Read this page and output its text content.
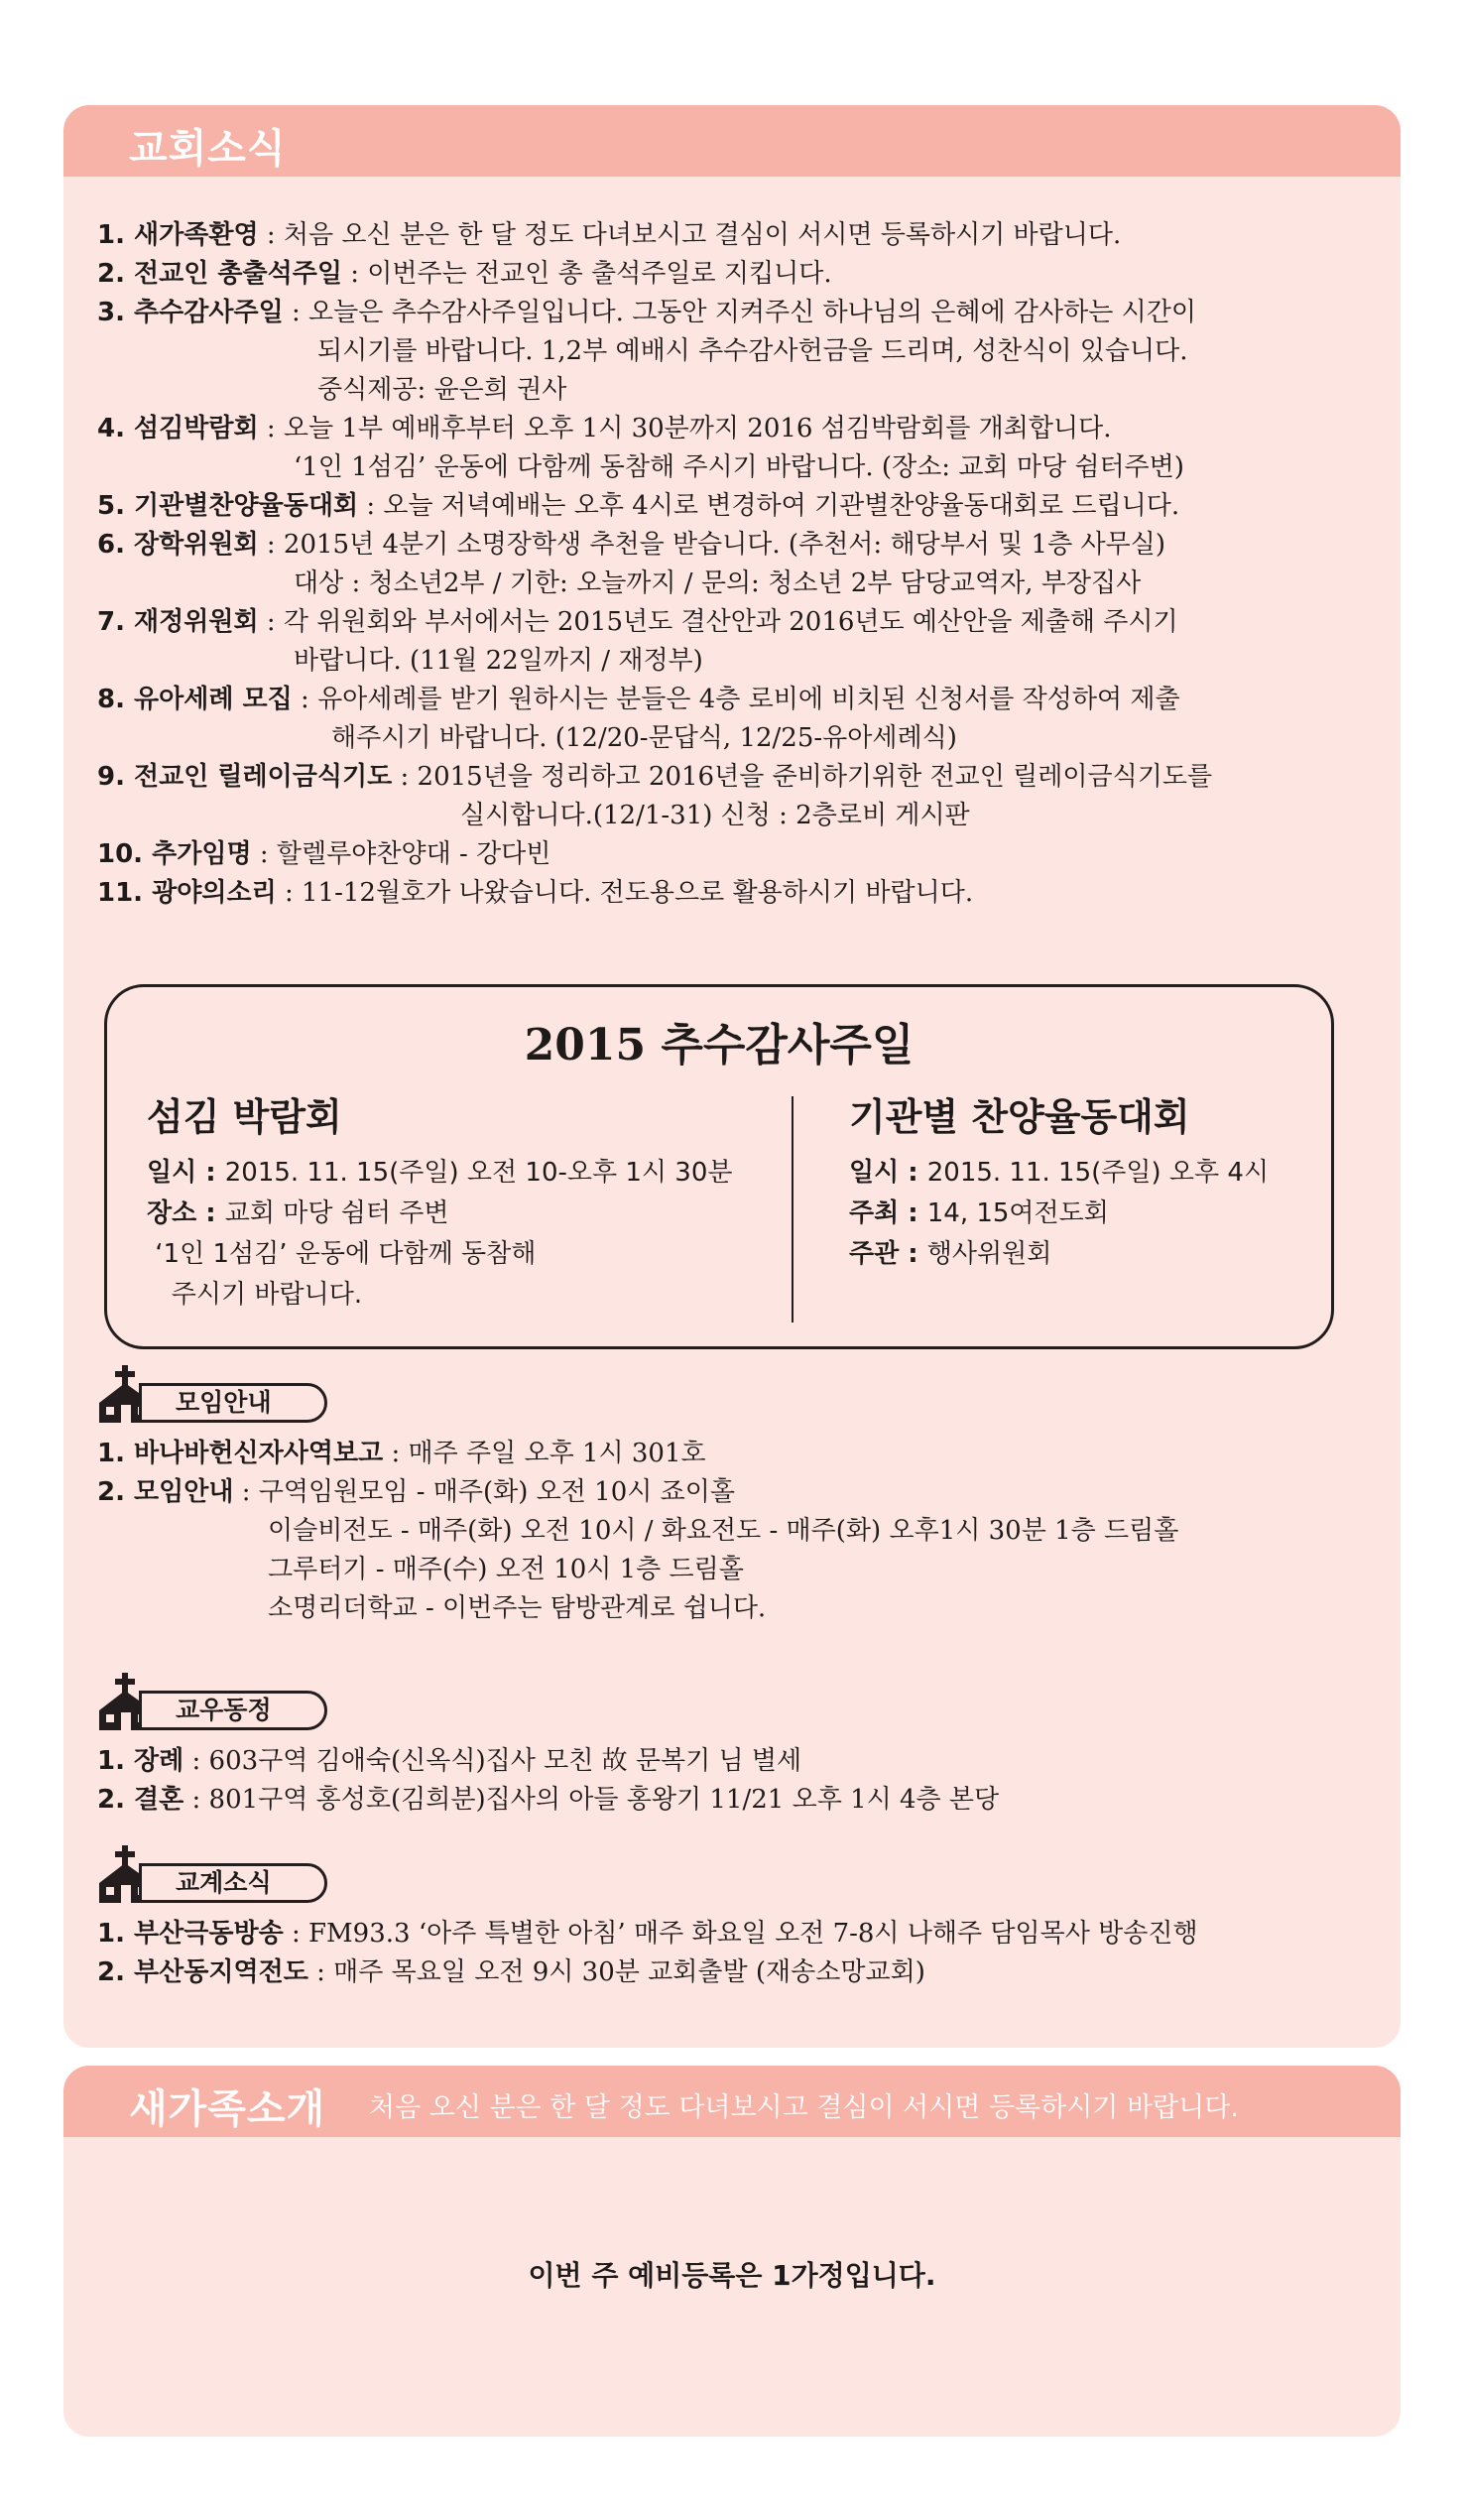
교회소식
1. 새가족환영 : 처음 오신 분은 한 달 정도 다녀보시고 결심이 서시면 등록하시기 바랍니다.
2. 전교인 총출석주일 : 이번주는 전교인 총 출석주일로 지킵니다.
3. 추수감사주일 : 오늘은 추수감사주일입니다. 그동안 지켜주신 하나님의 은혜에 감사하는 시간이
되시기를 바랍니다. 1,2부 예배시 추수감사헌금을 드리며, 성찬식이 있습니다.
중식제공: 윤은희 권사
4. 섬김박람회 : 오늘 1부 예배후부터 오후 1시 30분까지 2016 섬김박람회를 개최합니다.
‘1인 1섬김’ 운동에 다함께 동참해 주시기 바랍니다. (장소: 교회 마당 쉼터주변)
5. 기관별찬양율동대회 : 오늘 저녁예배는 오후 4시로 변경하여 기관별찬양율동대회로 드립니다.
6. 장학위원회 : 2015년 4분기 소명장학생 추천을 받습니다. (추천서: 해당부서 및 1층 사무실)
대상 : 청소년2부 / 기한: 오늘까지 / 문의: 청소년 2부 담당교역자, 부장집사
7. 재정위원회 : 각 위원회와 부서에서는 2015년도 결산안과 2016년도 예산안을 제출해 주시기
바랍니다. (11월 22일까지 / 재정부)
8. 유아세례 모집 : 유아세례를 받기 원하시는 분들은 4층 로비에 비치된 신청서를 작성하여 제출
해주시기 바랍니다. (12/20-문답식, 12/25-유아세례식)
9. 전교인 릴레이금식기도 : 2015년을 정리하고 2016년을 준비하기위한 전교인 릴레이금식기도를
실시합니다.(12/1-31) 신청 : 2층로비 게시판
10. 추가임명 : 할렐루야찬양대 - 강다빈
11. 광야의소리 : 11-12월호가 나왔습니다. 전도용으로 활용하시기 바랍니다.
2015 추수감사주일
섬김 박람회
일시 : 2015. 11. 15(주일) 오전 10-오후 1시 30분
장소 : 교회 마당 쉼터 주변
‘1인 1섬김’ 운동에 다함께 동참해
주시기 바랍니다.
기관별 찬양율동대회
일시 : 2015. 11. 15(주일) 오후 4시
주최 : 14, 15여전도회
주관 : 행사위원회
모임안내
1. 바나바헌신자사역보고 : 매주 주일 오후 1시 301호
2. 모임안내 : 구역임원모임 - 매주(화) 오전 10시 죠이홀
이슬비전도 - 매주(화) 오전 10시 / 화요전도 - 매주(화) 오후1시 30분 1층 드림홀
그루터기 - 매주(수) 오전 10시 1층 드림홀
소명리더학교 - 이번주는 탐방관계로 쉽니다.
교우동정
1. 장례 : 603구역 김애숙(신옥식)집사 모친 故 문복기 님 별세
2. 결혼 : 801구역 홍성호(김희분)집사의 아들 홍왕기 11/21 오후 1시 4층 본당
교계소식
1. 부산극동방송 : FM93.3 ‘아주 특별한 아침’ 매주 화요일 오전 7-8시 나해주 담임목사 방송진행
2. 부산동지역전도 : 매주 목요일 오전 9시 30분 교회출발 (재송소망교회)
새가족소개 처음 오신 분은 한 달 정도 다녀보시고 결심이 서시면 등록하시기 바랍니다.
이번 주 예비등록은 1가정입니다.
